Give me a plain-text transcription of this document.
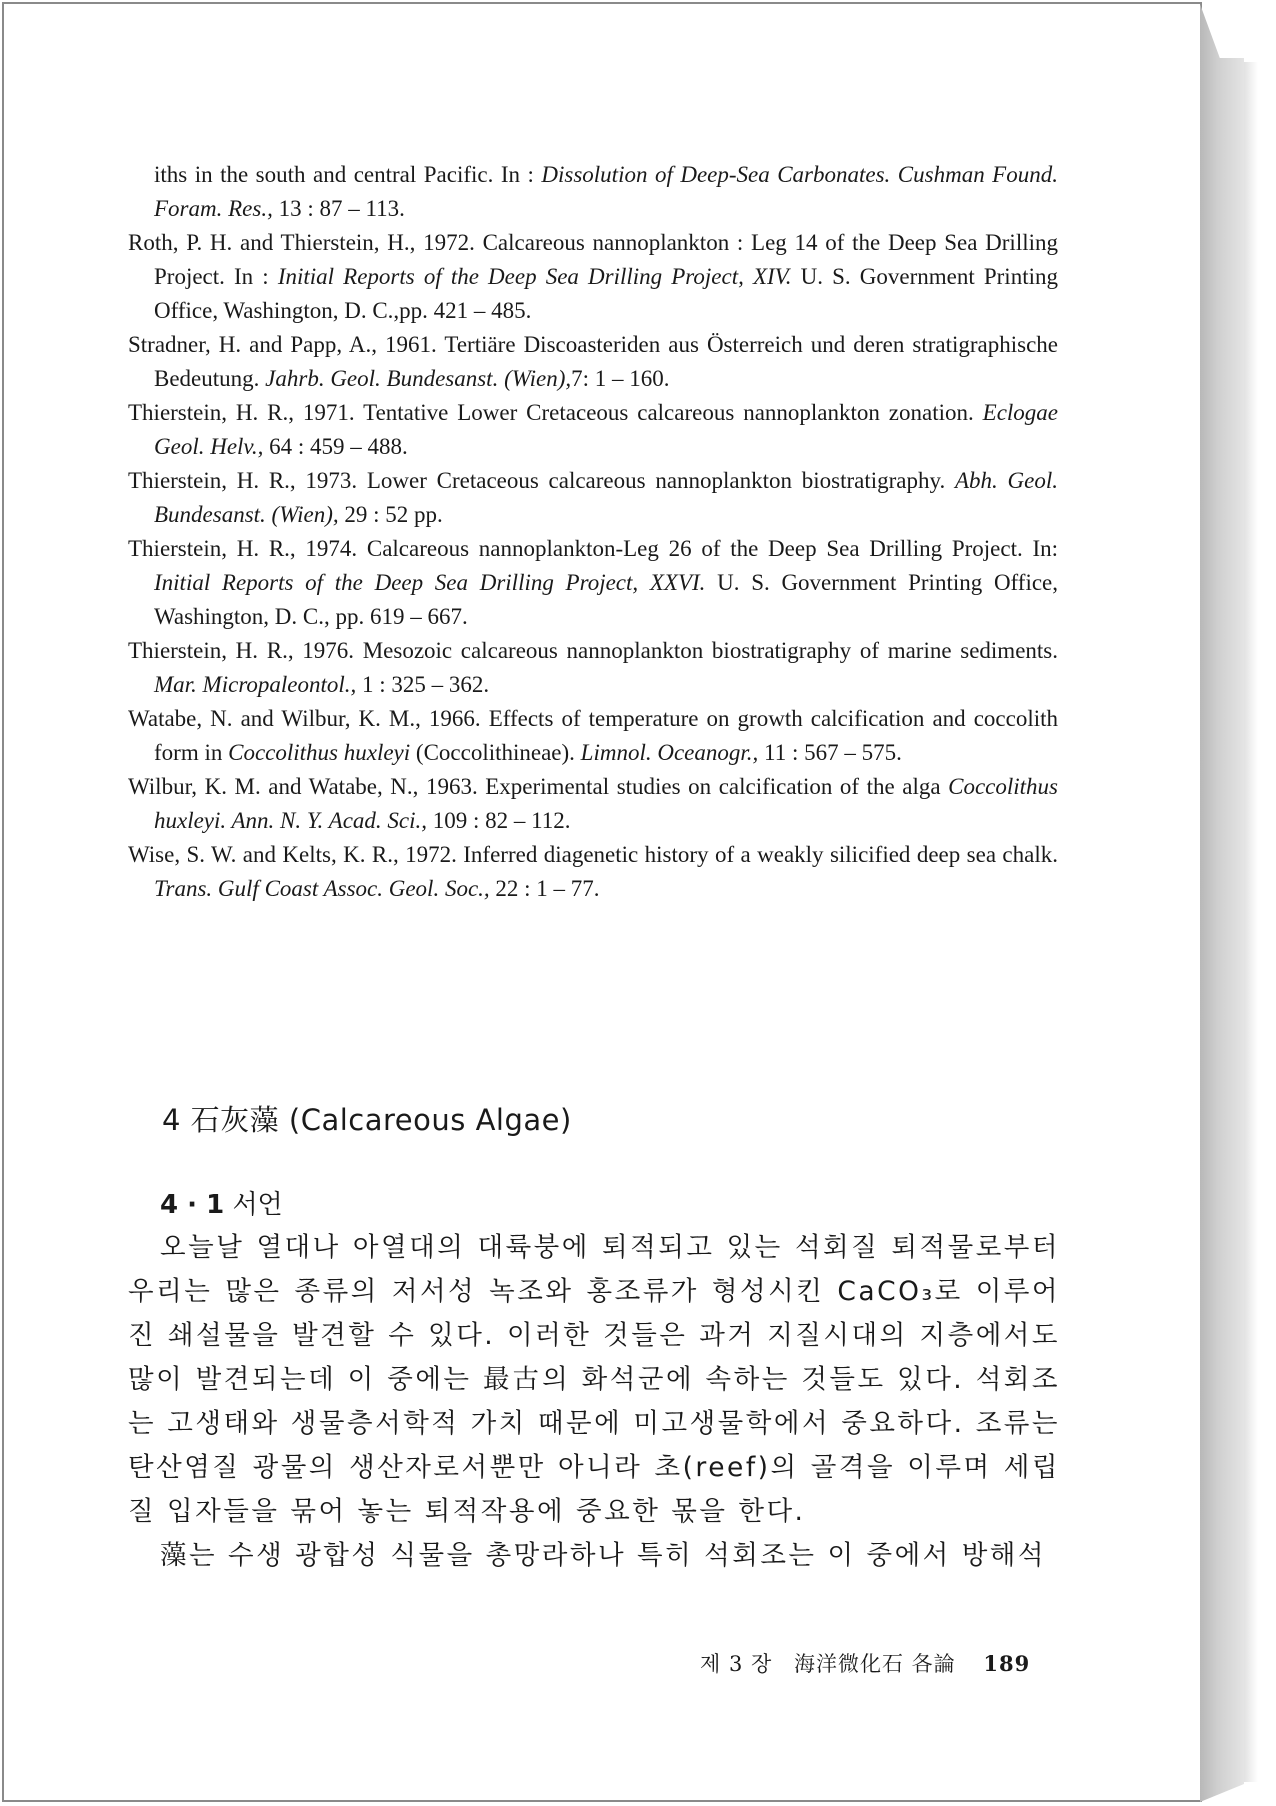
iths in the south and central Pacific. In : Dissolution of Deep-Sea Carbonates. Cushman Found. Foram. Res., 13 : 87 – 113.
Roth, P. H. and Thierstein, H., 1972. Calcareous nannoplankton : Leg 14 of the Deep Sea Drilling Project. In : Initial Reports of the Deep Sea Drilling Project, XIV. U. S. Government Printing Office, Washington, D. C.,pp. 421 – 485.
Stradner, H. and Papp, A., 1961. Tertiäre Discoasteriden aus Österreich und deren stratigraphische Bedeutung. Jahrb. Geol. Bundesanst. (Wien),7: 1 – 160.
Thierstein, H. R., 1971. Tentative Lower Cretaceous calcareous nannoplankton zonation. Eclogae Geol. Helv., 64 : 459 – 488.
Thierstein, H. R., 1973. Lower Cretaceous calcareous nannoplankton biostratigraphy. Abh. Geol. Bundesanst. (Wien), 29 : 52 pp.
Thierstein, H. R., 1974. Calcareous nannoplankton-Leg 26 of the Deep Sea Drilling Project. In: Initial Reports of the Deep Sea Drilling Project, XXVI. U. S. Government Printing Office, Washington, D. C., pp. 619 – 667.
Thierstein, H. R., 1976. Mesozoic calcareous nannoplankton biostratigraphy of marine sediments. Mar. Micropaleontol., 1 : 325 – 362.
Watabe, N. and Wilbur, K. M., 1966. Effects of temperature on growth calcification and coccolith form in Coccolithus huxleyi (Coccolithineae). Limnol. Oceanogr., 11 : 567 – 575.
Wilbur, K. M. and Watabe, N., 1963. Experimental studies on calcification of the alga Coccolithus huxleyi. Ann. N. Y. Acad. Sci., 109 : 82 – 112.
Wise, S. W. and Kelts, K. R., 1972. Inferred diagenetic history of a weakly silicified deep sea chalk. Trans. Gulf Coast Assoc. Geol. Soc., 22 : 1 – 77.
4 石灰藻 (Calcareous Algae)
4 · 1 서언

오늘날 열대나 아열대의 대륙붕에 퇴적되고 있는 석회질 퇴적물로부터 우리는 많은 종류의 저서성 녹조와 홍조류가 형성시킨 CaCO₃로 이루어진 쇄설물을 발견할 수 있다. 이러한 것들은 과거 지질시대의 지층에서도 많이 발견되는데 이 중에는 最古의 화석군에 속하는 것들도 있다. 석회조는 고생태와 생물층서학적 가치 때문에 미고생물학에서 중요하다. 조류는 탄산염질 광물의 생산자로서뿐만 아니라 초(reef)의 골격을 이루며 세립질 입자들을 묶어 놓는 퇴적작용에 중요한 몫을 한다.

藻는 수생 광합성 식물을 총망라하나 특히 석회조는 이 중에서 방해석

제 3 장 海洋微化石 各論 189
